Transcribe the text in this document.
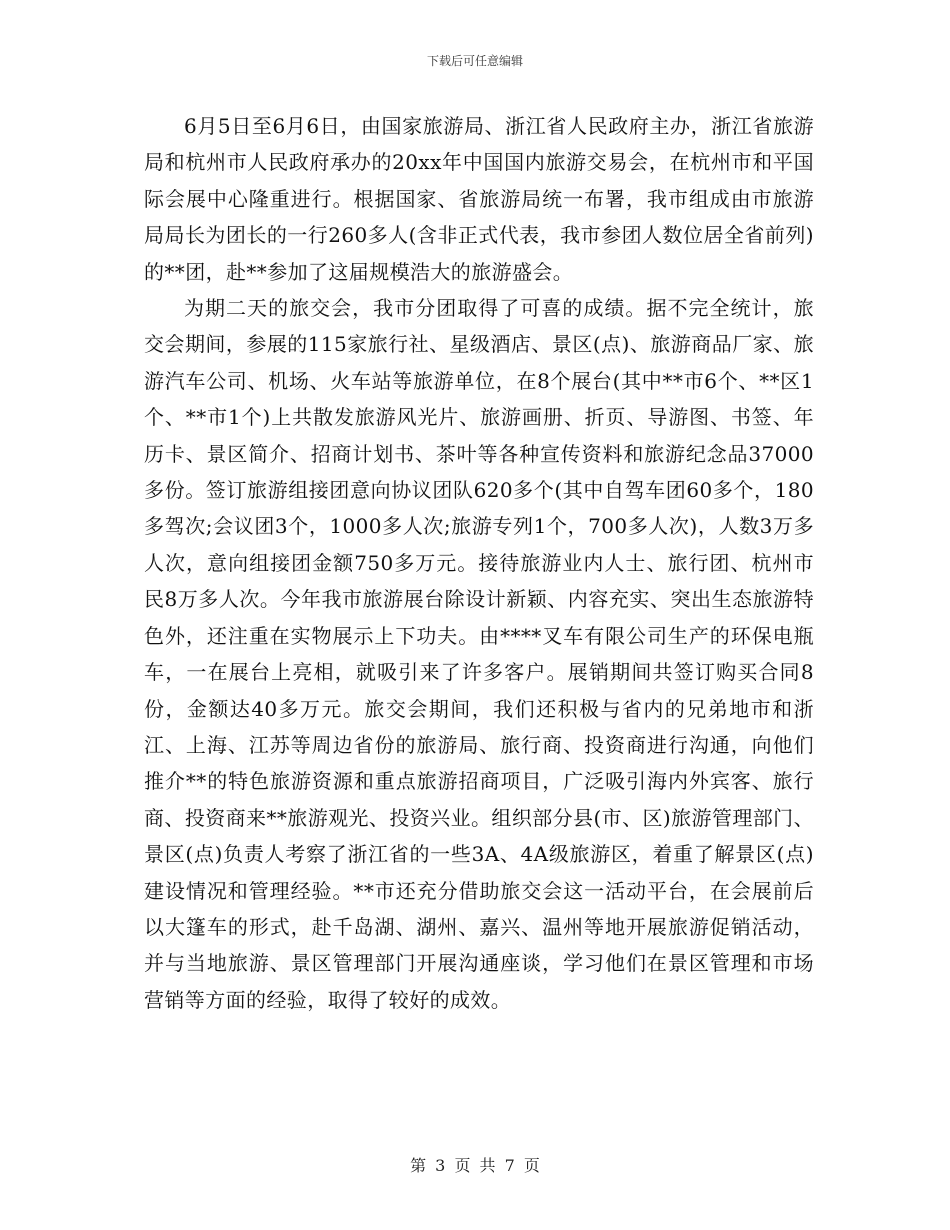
下载后可任意编辑

6月5日至6月6日，由国家旅游局、浙江省人民政府主办，浙江省旅游局和杭州市人民政府承办的20xx年中国国内旅游交易会，在杭州市和平国际会展中心隆重进行。根据国家、省旅游局统一布署，我市组成由市旅游局局长为团长的一行260多人(含非正式代表，我市参团人数位居全省前列)的**团，赴**参加了这届规模浩大的旅游盛会。

为期二天的旅交会，我市分团取得了可喜的成绩。据不完全统计，旅交会期间，参展的115家旅行社、星级酒店、景区(点)、旅游商品厂家、旅游汽车公司、机场、火车站等旅游单位，在8个展台(其中**市6个、**区1个、**市1个)上共散发旅游风光片、旅游画册、折页、导游图、书签、年历卡、景区简介、招商计划书、茶叶等各种宣传资料和旅游纪念品37000多份。签订旅游组接团意向协议团队620多个(其中自驾车团60多个，180多驾次;会议团3个，1000多人次;旅游专列1个，700多人次)，人数3万多人次，意向组接团金额750多万元。接待旅游业内人士、旅行团、杭州市民8万多人次。今年我市旅游展台除设计新颖、内容充实、突出生态旅游特色外，还注重在实物展示上下功夫。由****叉车有限公司生产的环保电瓶车，一在展台上亮相，就吸引来了许多客户。展销期间共签订购买合同8份，金额达40多万元。旅交会期间，我们还积极与省内的兄弟地市和浙江、上海、江苏等周边省份的旅游局、旅行商、投资商进行沟通，向他们推介**的特色旅游资源和重点旅游招商项目，广泛吸引海内外宾客、旅行商、投资商来**旅游观光、投资兴业。组织部分县(市、区)旅游管理部门、景区(点)负责人考察了浙江省的一些3A、4A级旅游区，着重了解景区(点)建设情况和管理经验。**市还充分借助旅交会这一活动平台，在会展前后以大篷车的形式，赴千岛湖、湖州、嘉兴、温州等地开展旅游促销活动，并与当地旅游、景区管理部门开展沟通座谈，学习他们在景区管理和市场营销等方面的经验，取得了较好的成效。

第 3 页 共 7 页
